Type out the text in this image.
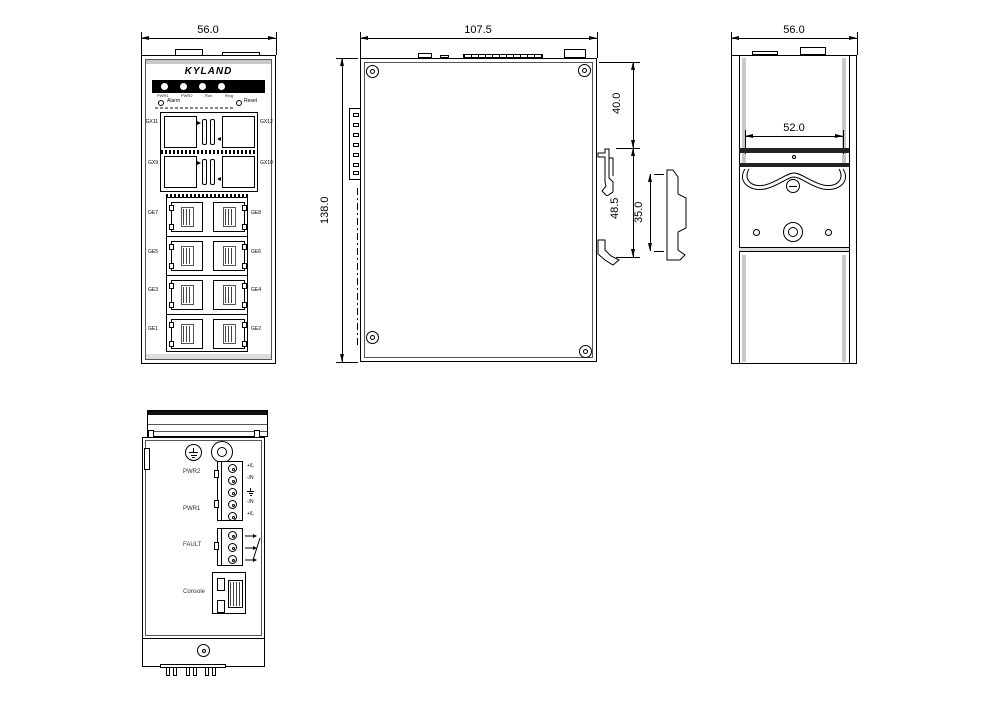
56.0
KYLAND
PWR1	PWR2	Run	Ring
Alarm	Reset
GX11	GX12
GX9	GX10
GE7	GE8
GE5	GE6
GE3	GE4
GE1	GE2
107.5
138.0
40.0
48.5 35.0
56.0
52.0
PWR2
PWR1
+/L
-/N
-/N
+/L
FAULT
Console
